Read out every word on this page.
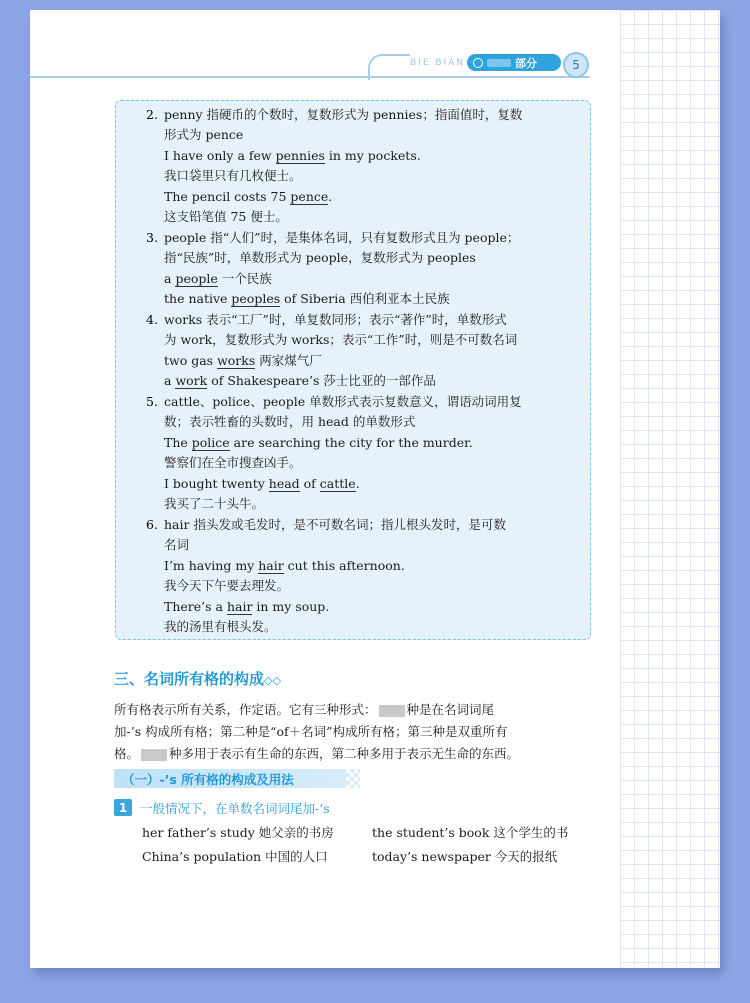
BIE BIAN	部分	5
2. penny 指硬币的个数时，复数形式为 pennies；指面值时，复数
形式为 pence
I have only a few pennies in my pockets.
我口袋里只有几枚便士。
The pencil costs 75 pence.
这支铅笔值 75 便士。
3. people 指“人们”时，是集体名词，只有复数形式且为 people；
指“民族”时，单数形式为 people，复数形式为 peoples
a people 一个民族
the native peoples of Siberia 西伯利亚本土民族
4. works 表示“工厂”时，单复数同形；表示“著作”时，单数形式
为 work，复数形式为 works；表示“工作”时，则是不可数名词
two gas works 两家煤气厂
a work of Shakespeare’s 莎士比亚的一部作品
5. cattle、police、people 单数形式表示复数意义，谓语动词用复
数；表示牲畜的头数时，用 head 的单数形式
The police are searching the city for the murder.
警察们在全市搜查凶手。
I bought twenty head of cattle.
我买了二十头牛。
6. hair 指头发或毛发时，是不可数名词；指儿根头发时，是可数
名词
I’m having my hair cut this afternoon.
我今天下午要去理发。
There’s a hair in my soup.
我的汤里有根头发。
三、名词所有格的构成◇◇
所有格表示所有关系，作定语。它有三种形式： 种是在名词词尾
加-’s 构成所有格；第二种是“of＋名词”构成所有格；第三种是双重所有
格。 种多用于表示有生命的东西，第二种多用于表示无生命的东西。
（一）-’s 所有格的构成及用法
1	一般情况下，在单数名词词尾加-’s
her father’s study 她父亲的书房	the student’s book 这个学生的书
China’s population 中国的人口	today’s newspaper 今天的报纸
